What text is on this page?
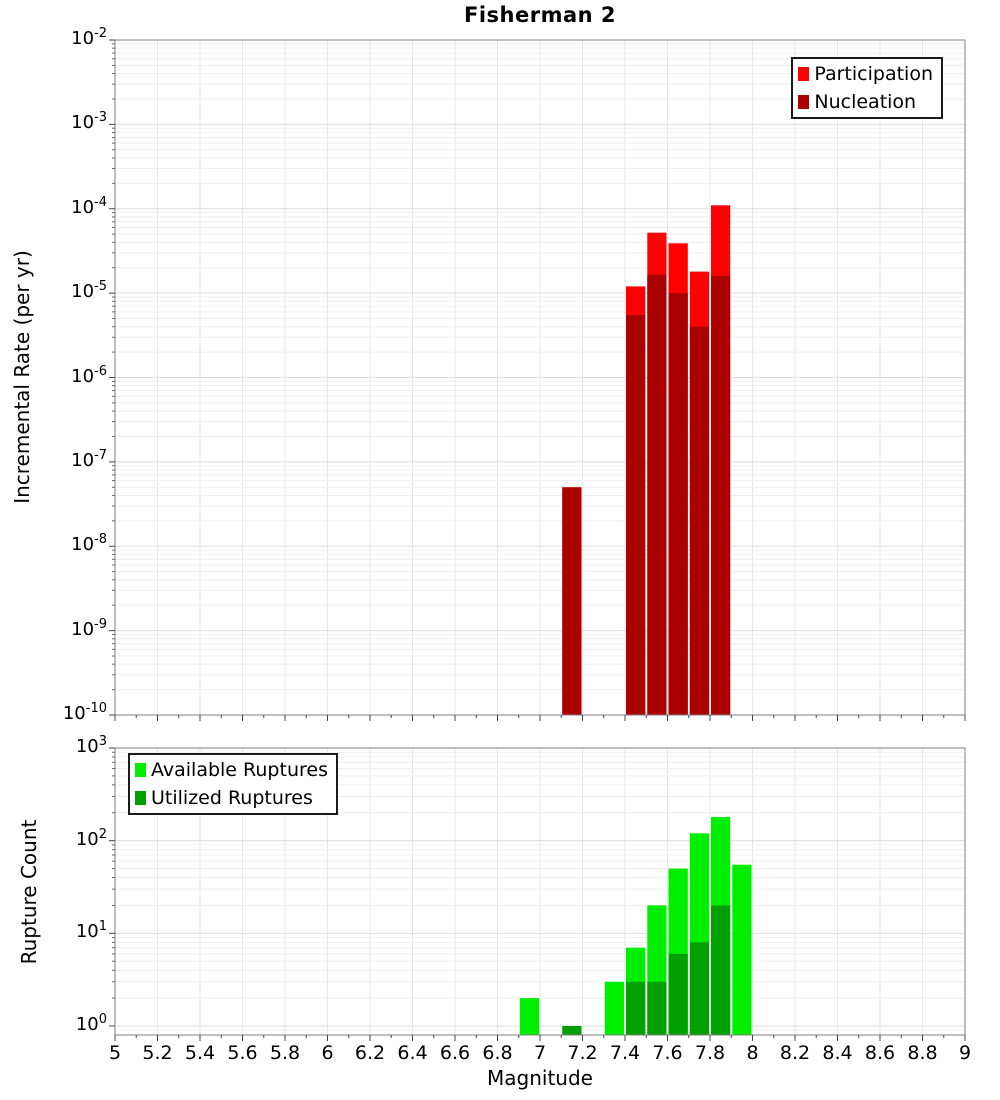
Fisherman 2
Incremental Rate (per yr)
Rupture Count
Magnitude
Participation
Nucleation
Available Ruptures
Utilized Ruptures
$10^{-2}$
$10^{-3}$
$10^{-4}$
$10^{-5}$
$10^{-6}$
$10^{-7}$
$10^{-8}$
$10^{-9}$
$10^{-10}$
$10^3$
$10^2$
$10^1$
$10^0$
5	5.2 5.4 5.6 5.8	6	6.2 6.4 6.6 6.8	7	7.2 7.4 7.6 7.8	8	8.2 8.4 8.6 8.8	9
